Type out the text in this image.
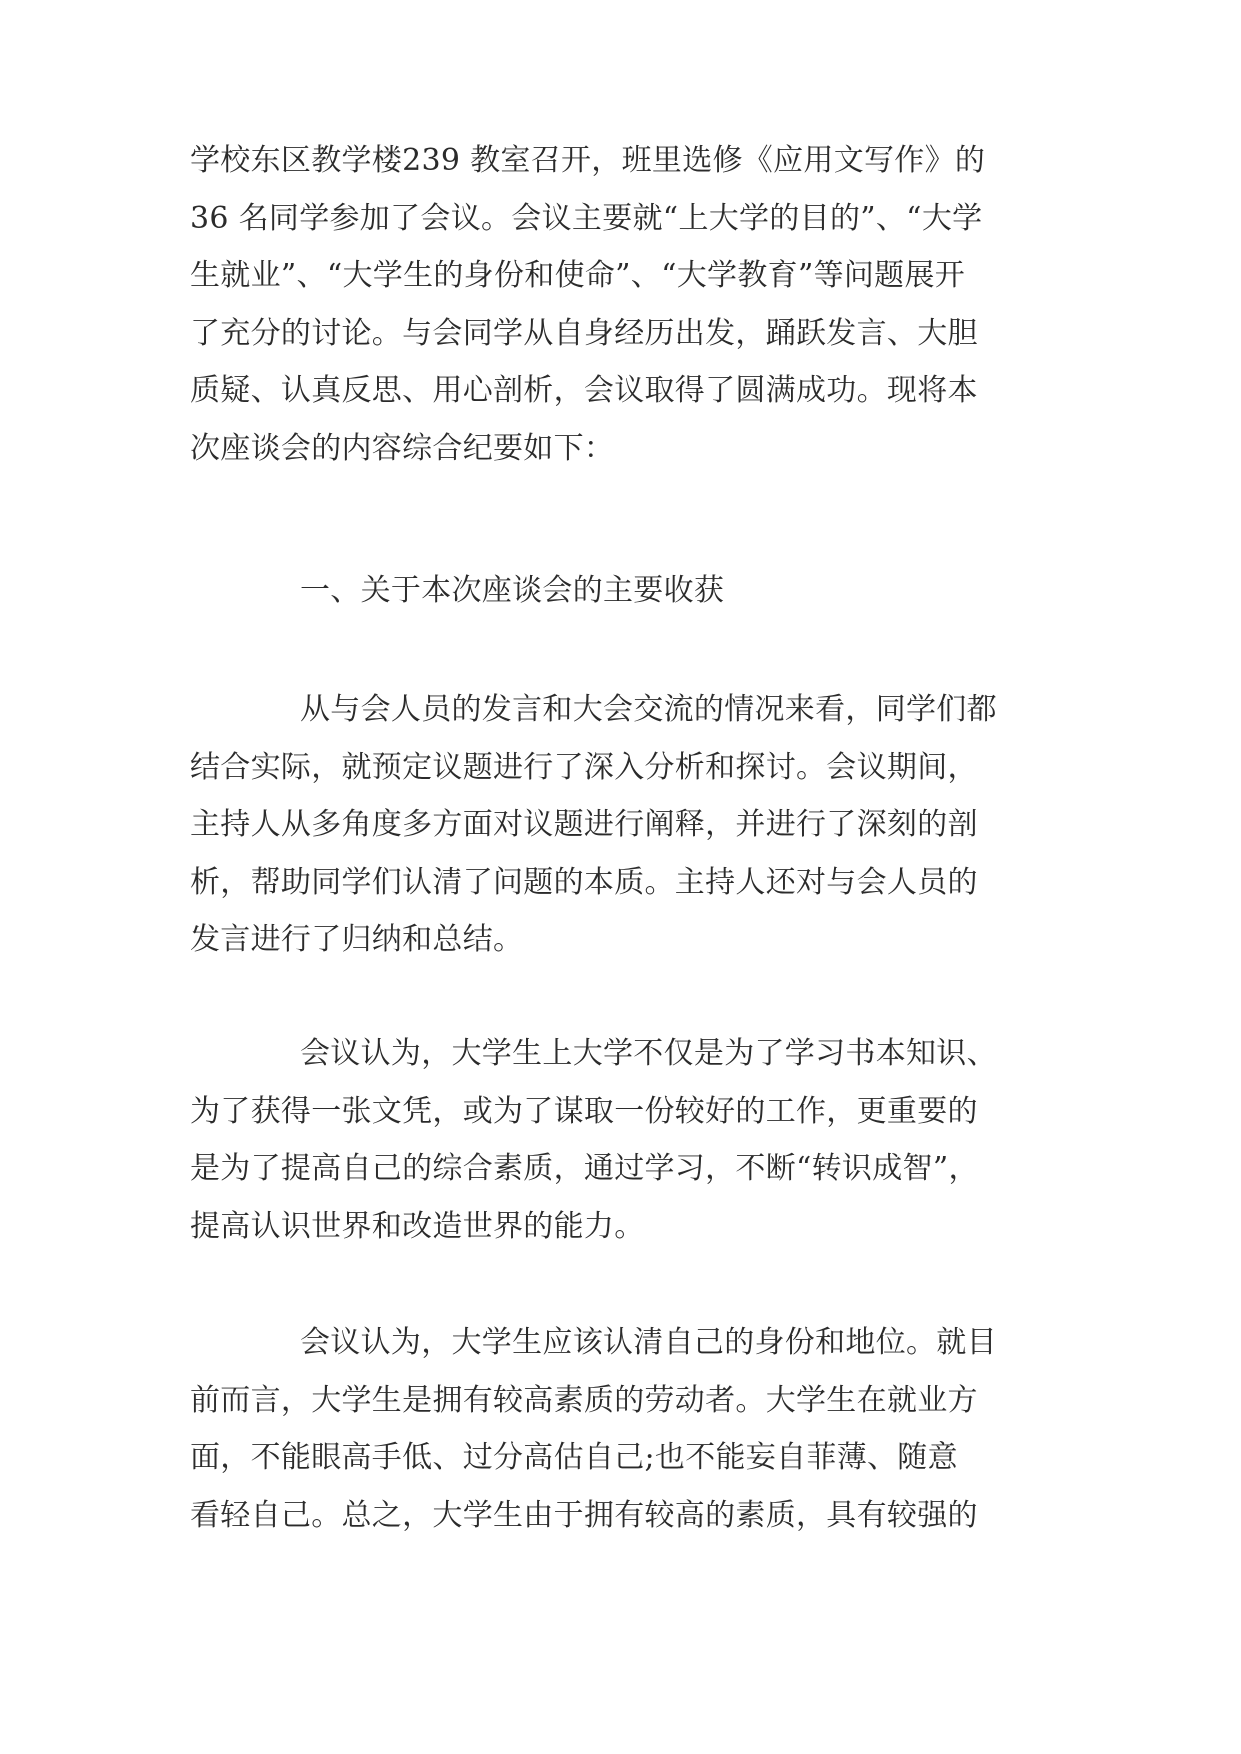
学校东区教学楼239 教室召开，班里选修《应用文写作》的
36 名同学参加了会议。会议主要就“上大学的目的”、“大学
生就业”、“大学生的身份和使命”、“大学教育”等问题展开
了充分的讨论。与会同学从自身经历出发，踊跃发言、大胆
质疑、认真反思、用心剖析，会议取得了圆满成功。现将本
次座谈会的内容综合纪要如下：
一、关于本次座谈会的主要收获
从与会人员的发言和大会交流的情况来看，同学们都
结合实际，就预定议题进行了深入分析和探讨。会议期间，
主持人从多角度多方面对议题进行阐释，并进行了深刻的剖
析，帮助同学们认清了问题的本质。主持人还对与会人员的
发言进行了归纳和总结。
会议认为，大学生上大学不仅是为了学习书本知识、
为了获得一张文凭，或为了谋取一份较好的工作，更重要的
是为了提高自己的综合素质，通过学习，不断“转识成智”，
提高认识世界和改造世界的能力。
会议认为，大学生应该认清自己的身份和地位。就目
前而言，大学生是拥有较高素质的劳动者。大学生在就业方
面，不能眼高手低、过分高估自己;也不能妄自菲薄、随意
看轻自己。总之，大学生由于拥有较高的素质，具有较强的
